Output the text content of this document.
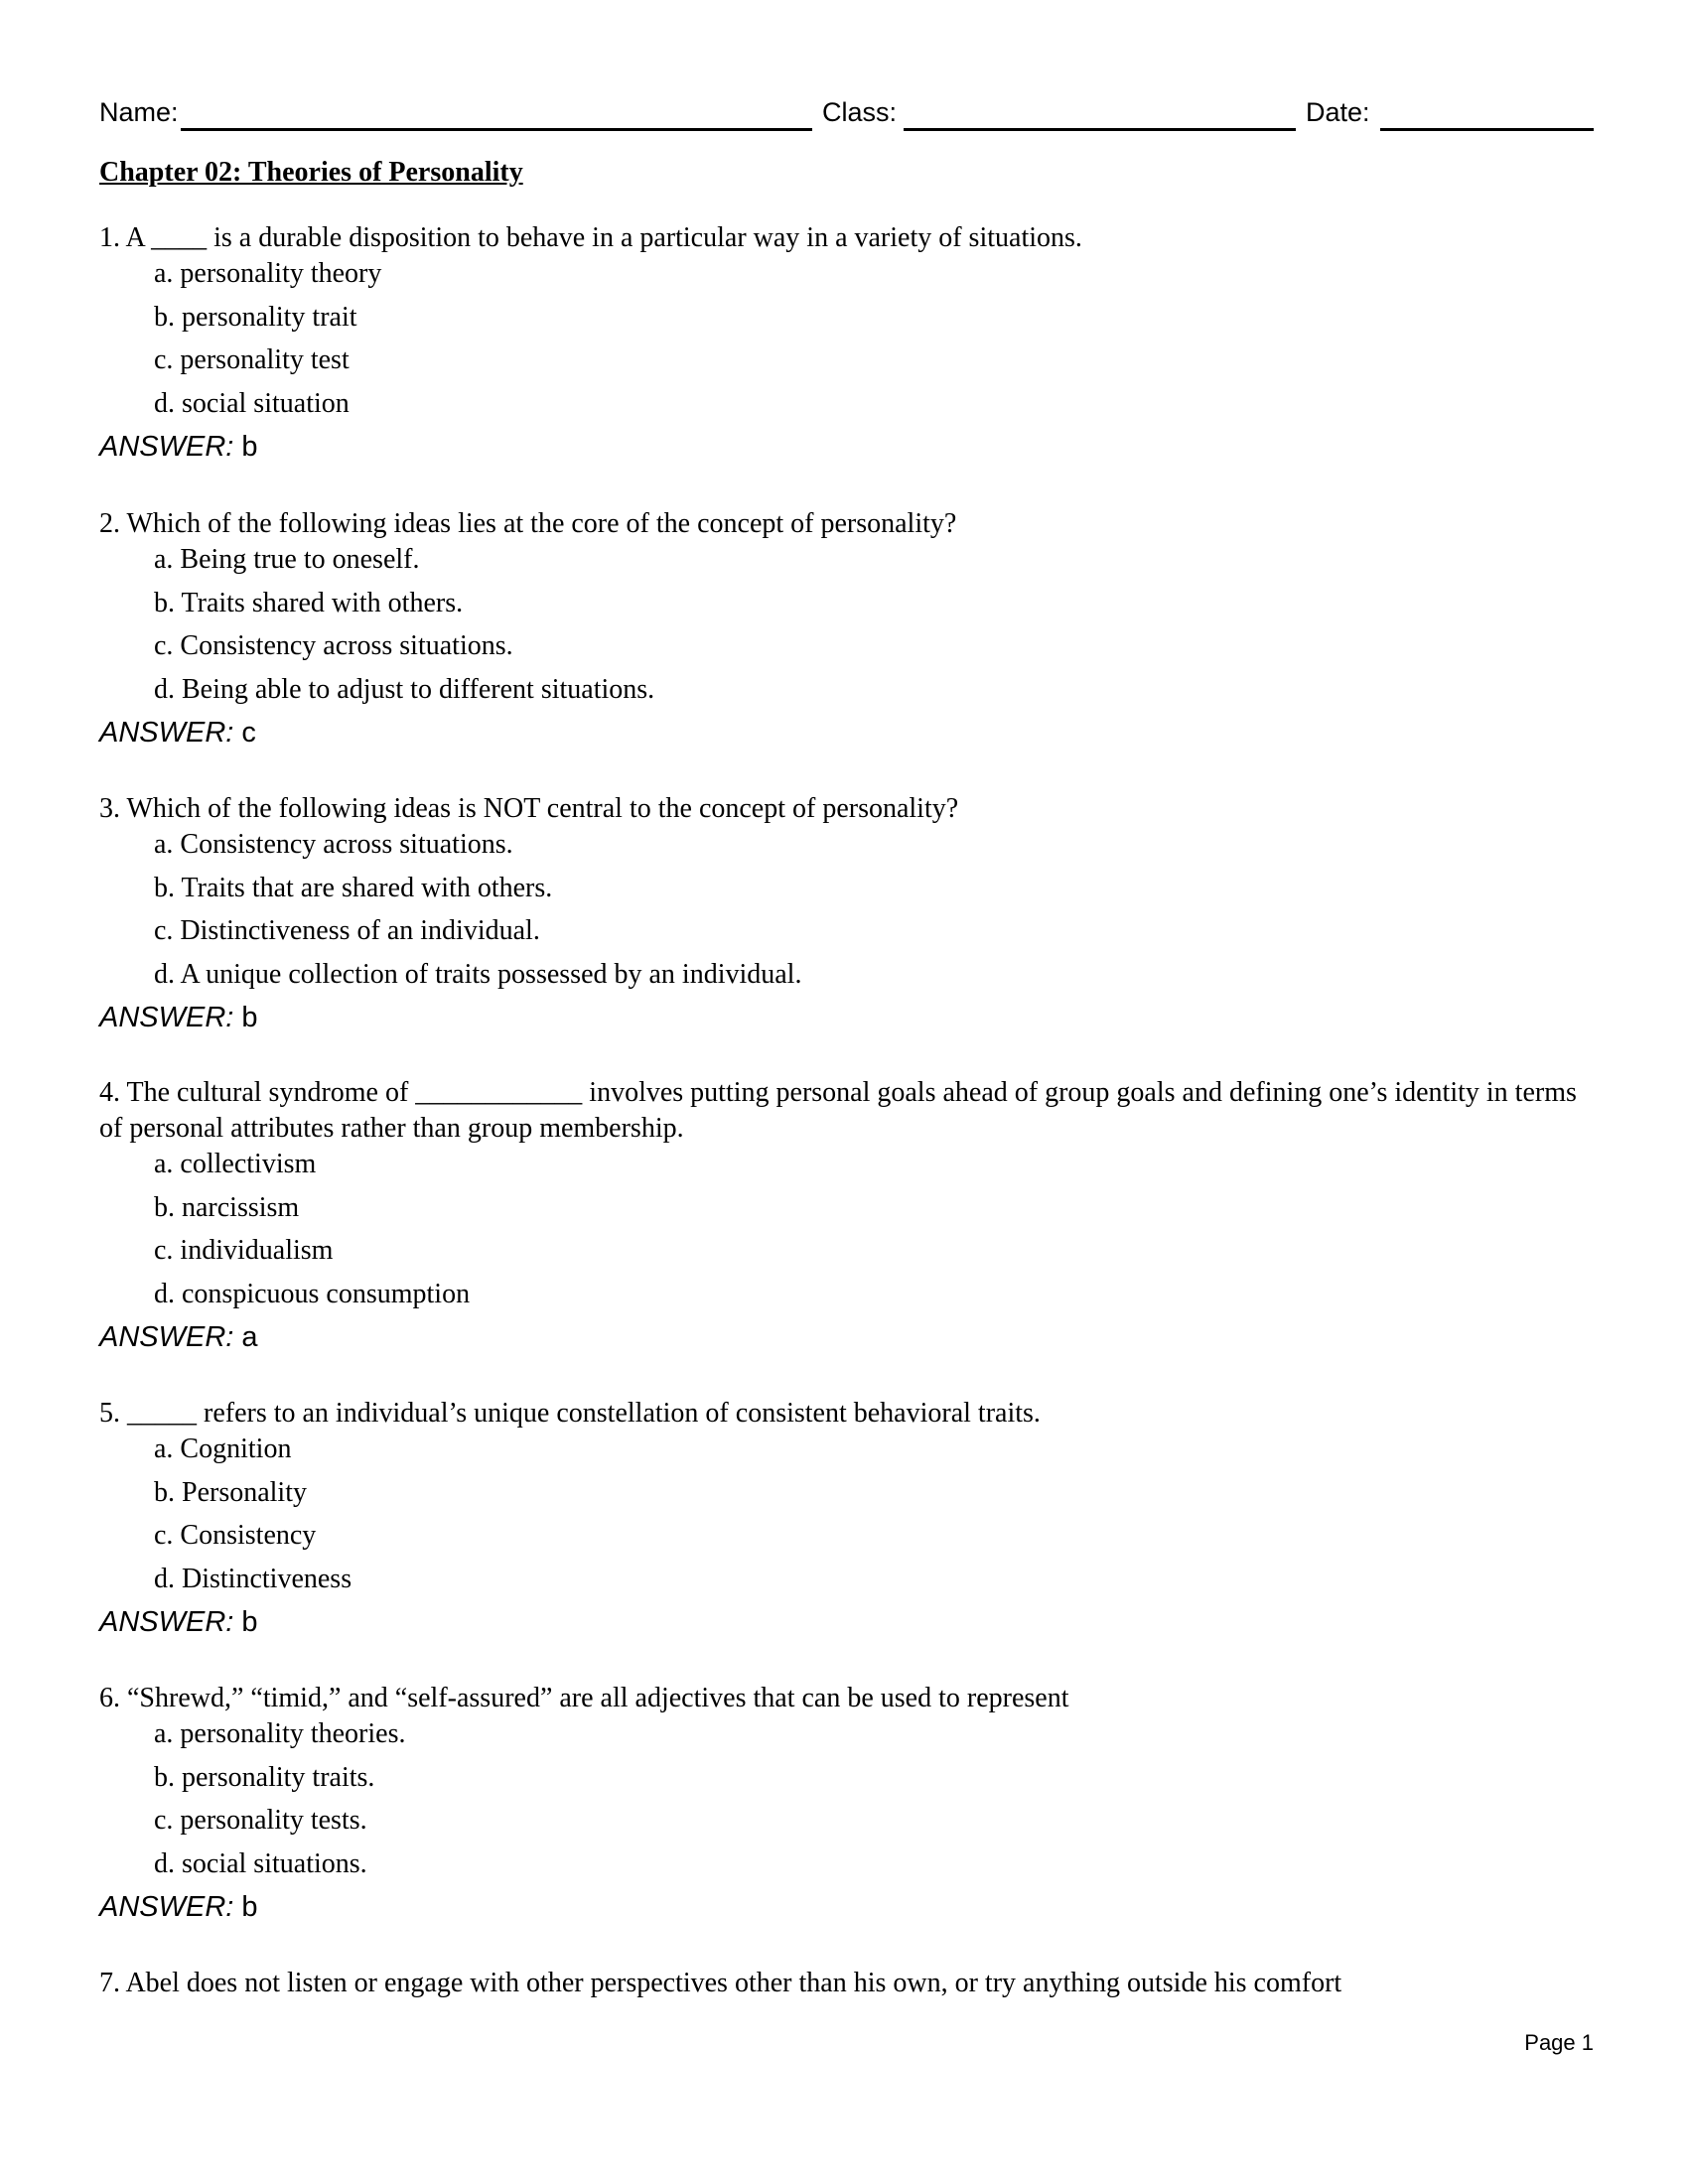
Name:	Class:	Date:
Chapter 02: Theories of Personality

1. A ____ is a durable disposition to behave in a particular way in a variety of situations.

a. personality theory
b. personality trait
c. personality test
d. social situation
ANSWER: b

2. Which of the following ideas lies at the core of the concept of personality?

a. Being true to oneself.
b. Traits shared with others.
c. Consistency across situations.
d. Being able to adjust to different situations.
ANSWER: c

3. Which of the following ideas is NOT central to the concept of personality?

a. Consistency across situations.
b. Traits that are shared with others.
c. Distinctiveness of an individual.
d. A unique collection of traits possessed by an individual.
ANSWER: b

4. The cultural syndrome of ____________ involves putting personal goals ahead of group goals and defining one’s identity in terms of personal attributes rather than group membership.

a. collectivism
b. narcissism
c. individualism
d. conspicuous consumption
ANSWER: a

5. _____ refers to an individual’s unique constellation of consistent behavioral traits.

a. Cognition
b. Personality
c. Consistency
d. Distinctiveness
ANSWER: b

6. “Shrewd,” “timid,” and “self-assured” are all adjectives that can be used to represent

a. personality theories.
b. personality traits.
c. personality tests.
d. social situations.
ANSWER: b

7. Abel does not listen or engage with other perspectives other than his own, or try anything outside his comfort

Page 1
